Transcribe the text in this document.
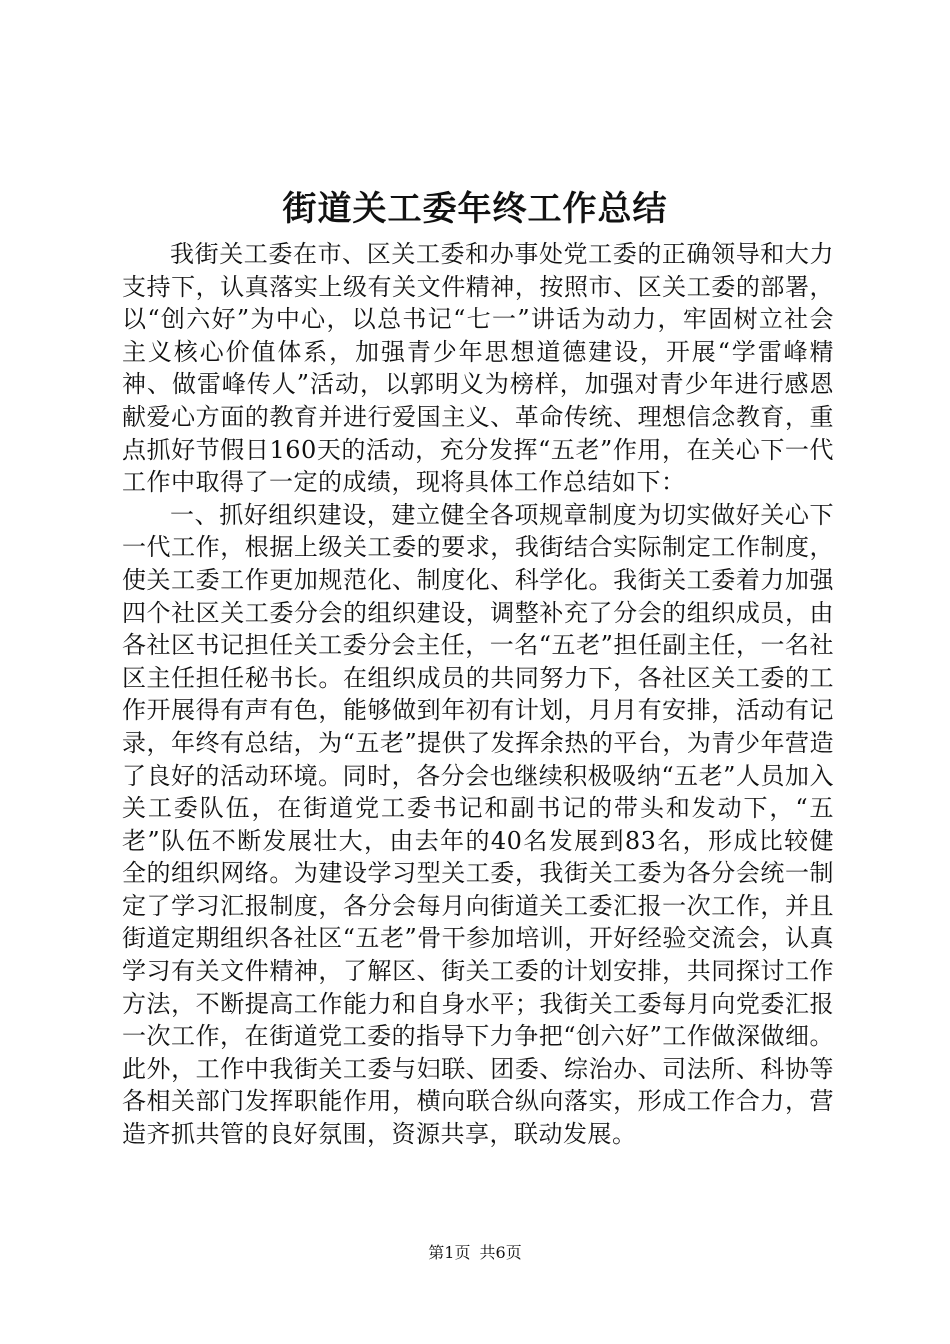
街道关工委年终工作总结

我街关工委在市、区关工委和办事处党工委的正确领导和大力支持下，认真落实上级有关文件精神，按照市、区关工委的部署，以“创六好”为中心，以总书记“七一”讲话为动力，牢固树立社会主义核心价值体系，加强青少年思想道德建设，开展“学雷峰精神、做雷峰传人”活动，以郭明义为榜样，加强对青少年进行感恩献爱心方面的教育并进行爱国主义、革命传统、理想信念教育，重点抓好节假日160天的活动，充分发挥“五老”作用，在关心下一代工作中取得了一定的成绩，现将具体工作总结如下：

一、抓好组织建设，建立健全各项规章制度为切实做好关心下一代工作，根据上级关工委的要求，我街结合实际制定工作制度，使关工委工作更加规范化、制度化、科学化。我街关工委着力加强四个社区关工委分会的组织建设，调整补充了分会的组织成员，由各社区书记担任关工委分会主任，一名“五老”担任副主任，一名社区主任担任秘书长。在组织成员的共同努力下，各社区关工委的工作开展得有声有色，能够做到年初有计划，月月有安排，活动有记录，年终有总结，为“五老”提供了发挥余热的平台，为青少年营造了良好的活动环境。同时，各分会也继续积极吸纳“五老”人员加入关工委队伍，在街道党工委书记和副书记的带头和发动下，“五老”队伍不断发展壮大，由去年的40名发展到83名，形成比较健全的组织网络。为建设学习型关工委，我街关工委为各分会统一制定了学习汇报制度，各分会每月向街道关工委汇报一次工作，并且街道定期组织各社区“五老”骨干参加培训，开好经验交流会，认真学习有关文件精神，了解区、街关工委的计划安排，共同探讨工作方法，不断提高工作能力和自身水平；我街关工委每月向党委汇报一次工作，在街道党工委的指导下力争把“创六好”工作做深做细。此外，工作中我街关工委与妇联、团委、综治办、司法所、科协等各相关部门发挥职能作用，横向联合纵向落实，形成工作合力，营造齐抓共管的良好氛围，资源共享，联动发展。

第1页 共6页
